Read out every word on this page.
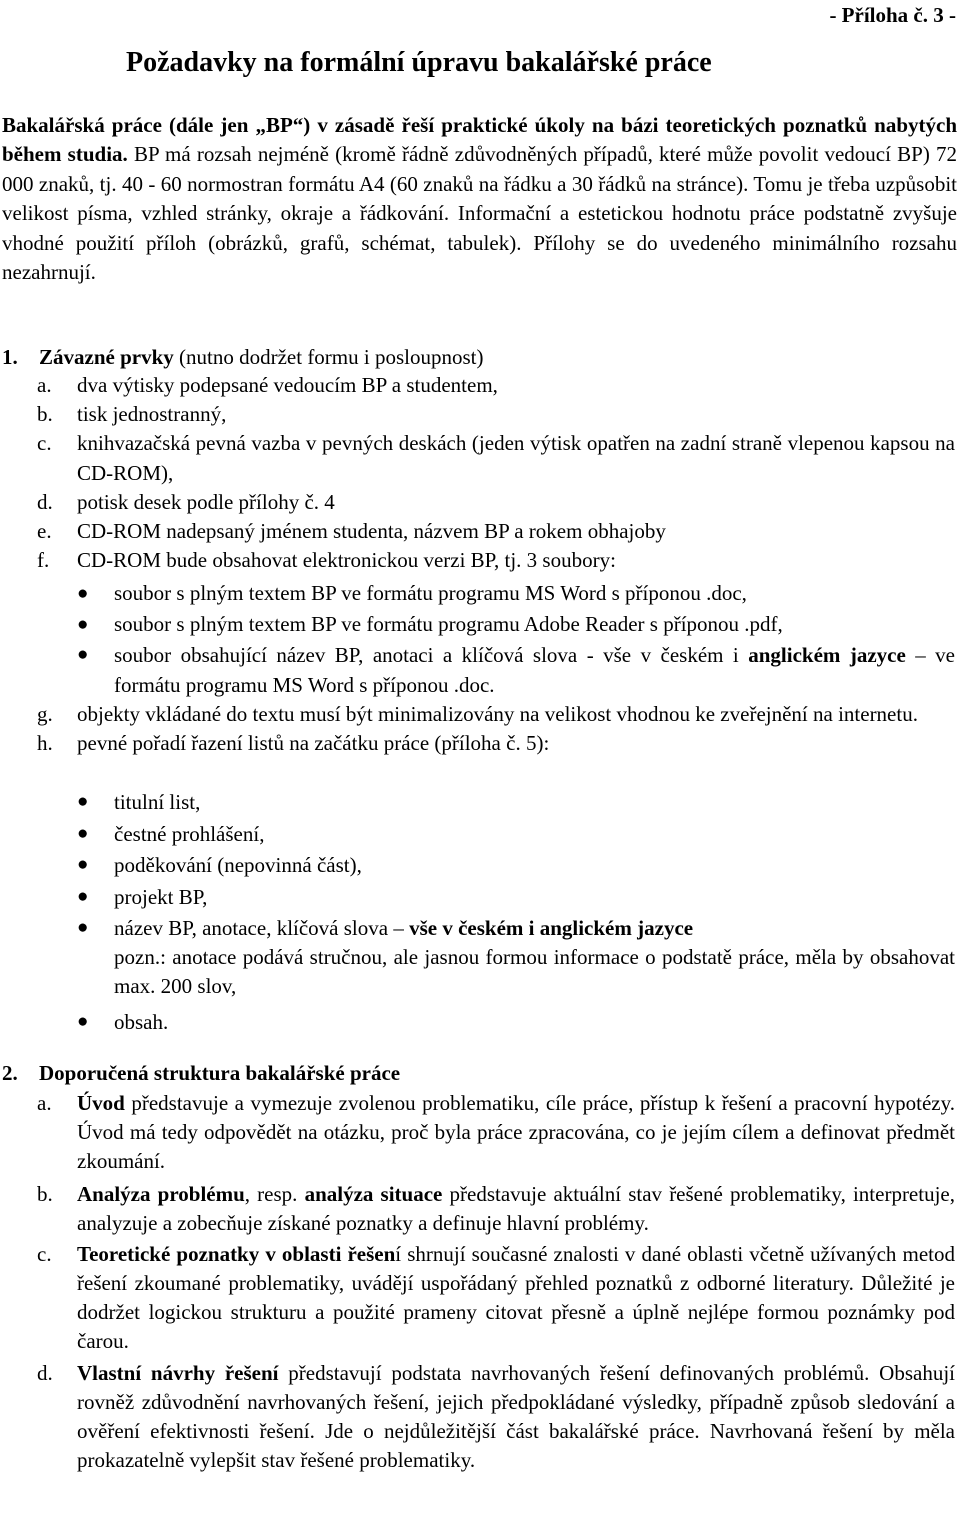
- Příloha č. 3 -
Požadavky na formální úpravu bakalářské práce

Bakalářská práce (dále jen „BP“) v zásadě řeší praktické úkoly na bázi teoretických poznatků nabytých během studia. BP má rozsah nejméně (kromě řádně zdůvodněných případů, které může povolit vedoucí BP) 72 000 znaků, tj. 40 - 60 normostran formátu A4 (60 znaků na řádku a 30 řádků na stránce). Tomu je třeba uzpůsobit velikost písma, vzhled stránky, okraje a řádkování. Informační a estetickou hodnotu práce podstatně zvyšuje vhodné použití příloh (obrázků, grafů, schémat, tabulek). Přílohy se do uvedeného minimálního rozsahu nezahrnují.

1. Závazné prvky (nutno dodržet formu i posloupnost)
a. dva výtisky podepsané vedoucím BP a studentem,
b. tisk jednostranný,
c. knihvazačská pevná vazba v pevných deskách (jeden výtisk opatřen na zadní straně vlepenou kapsou na CD-ROM),
d. potisk desek podle přílohy č. 4
e. CD-ROM nadepsaný jménem studenta, názvem BP a rokem obhajoby
f. CD-ROM bude obsahovat elektronickou verzi BP, tj. 3 soubory:
● soubor s plným textem BP ve formátu programu MS Word s příponou .doc,
● soubor s plným textem BP ve formátu programu Adobe Reader s příponou .pdf,
● soubor obsahující název BP, anotaci a klíčová slova - vše v českém i anglickém jazyce – ve formátu programu MS Word s příponou .doc.
g. objekty vkládané do textu musí být minimalizovány na velikost vhodnou ke zveřejnění na internetu.
h. pevné pořadí řazení listů na začátku práce (příloha č. 5):
● titulní list,
● čestné prohlášení,
● poděkování (nepovinná část),
● projekt BP,
● název BP, anotace, klíčová slova – vše v českém i anglickém jazyce
pozn.: anotace podává stručnou, ale jasnou formou informace o podstatě práce, měla by obsahovat max. 200 slov,
● obsah.
2. Doporučená struktura bakalářské práce
a. Úvod představuje a vymezuje zvolenou problematiku, cíle práce, přístup k řešení a pracovní hypotézy. Úvod má tedy odpovědět na otázku, proč byla práce zpracována, co je jejím cílem a definovat předmět zkoumání.
b. Analýza problému, resp. analýza situace představuje aktuální stav řešené problematiky, interpretuje, analyzuje a zobecňuje získané poznatky a definuje hlavní problémy.
c. Teoretické poznatky v oblasti řešení shrnují současné znalosti v dané oblasti včetně užívaných metod řešení zkoumané problematiky, uvádějí uspořádaný přehled poznatků z odborné literatury. Důležité je dodržet logickou strukturu a použité prameny citovat přesně a úplně nejlépe formou poznámky pod čarou.
d. Vlastní návrhy řešení představují podstata navrhovaných řešení definovaných problémů. Obsahují rovněž zdůvodnění navrhovaných řešení, jejich předpokládané výsledky, případně způsob sledování a ověření efektivnosti řešení. Jde o nejdůležitější část bakalářské práce. Navrhovaná řešení by měla prokazatelně vylepšit stav řešené problematiky.
